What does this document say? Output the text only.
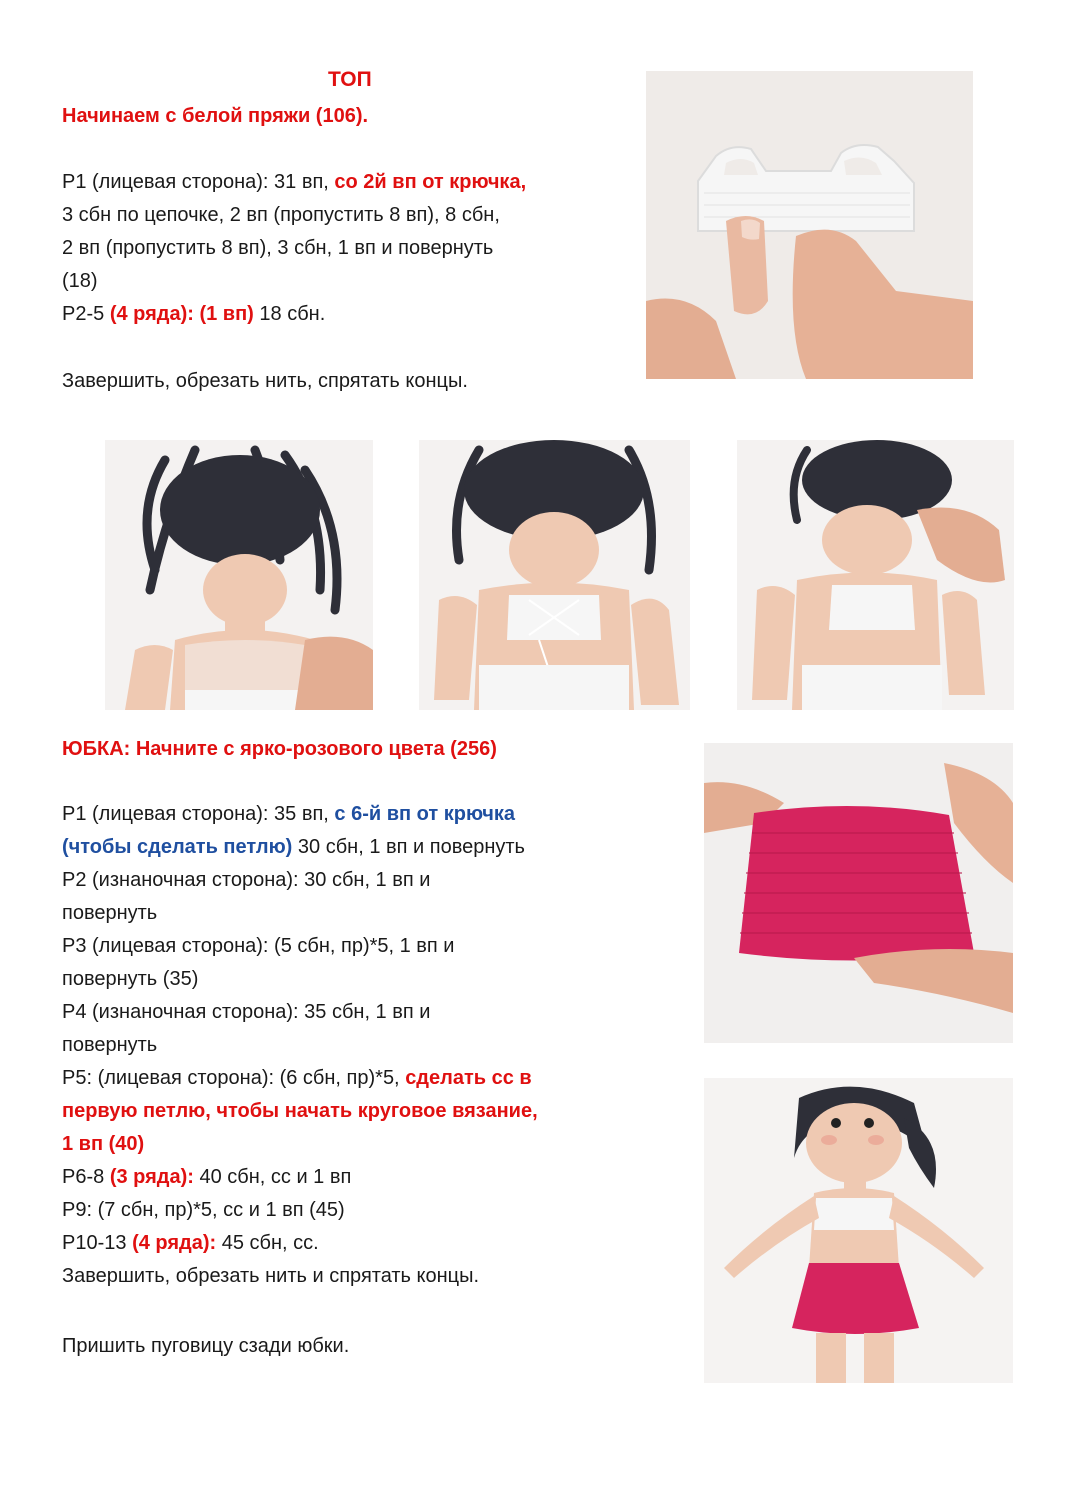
ТОП
Начинаем с белой пряжи (106).
Р1 (лицевая сторона): 31 вп, со 2й вп от крючка,
3 сбн по цепочке, 2 вп (пропустить 8 вп), 8 сбн,
2 вп (пропустить 8 вп), 3 сбн, 1 вп и повернуть
(18)
Р2-5 (4 ряда): (1 вп) 18 сбн.
Завершить, обрезать нить, спрятать концы.
ЮБКА: Начните с ярко-розового цвета (256)
Р1 (лицевая сторона): 35 вп, с 6-й вп от крючка
(чтобы сделать петлю) 30 сбн, 1 вп и повернуть
Р2 (изнаночная сторона): 30 сбн, 1 вп и
повернуть
Р3 (лицевая сторона): (5 сбн, пр)*5, 1 вп и
повернуть (35)
Р4 (изнаночная сторона): 35 сбн, 1 вп и
повернуть
Р5: (лицевая сторона): (6 сбн, пр)*5, сделать сс в
первую петлю, чтобы начать круговое вязание,
1 вп (40)
Р6-8 (3 ряда): 40 сбн, сс и 1 вп
Р9: (7 сбн, пр)*5, сс и 1 вп (45)
Р10-13 (4 ряда): 45 сбн, сс.
Завершить, обрезать нить и спрятать концы.
Пришить пуговицу сзади юбки.
